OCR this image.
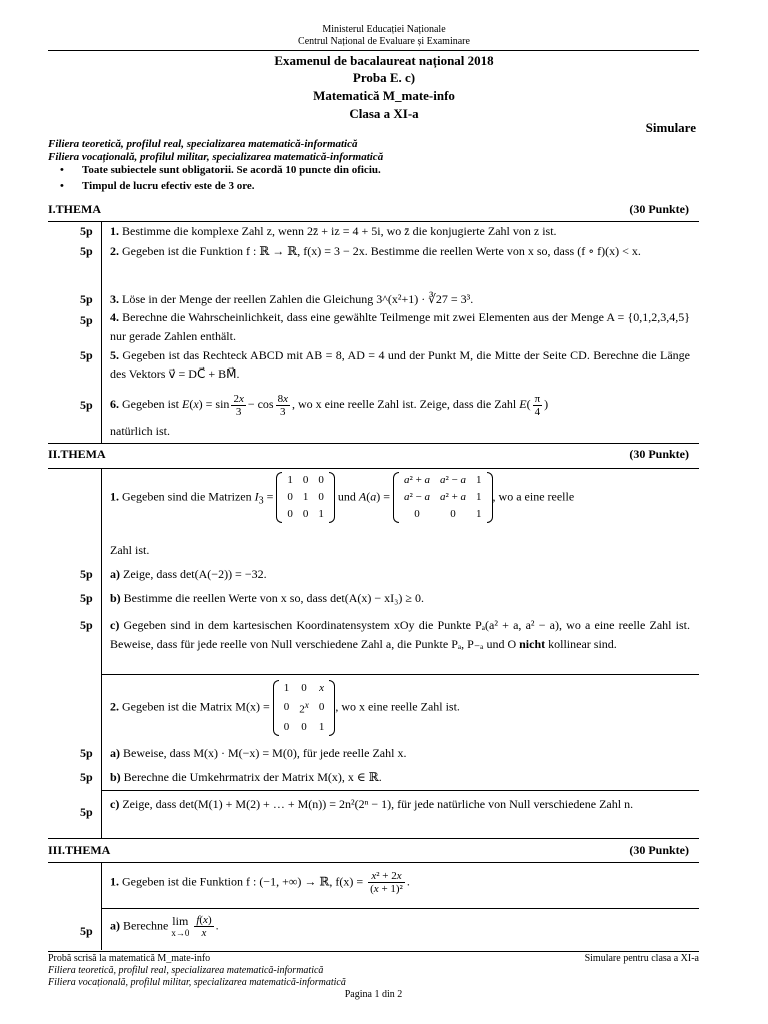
Ministerul Educației Naționale
Centrul Național de Evaluare și Examinare
Examenul de bacalaureat național 2018
Proba E. c)
Matematică M_mate-info
Clasa a XI-a
Simulare
Filiera teoretică, profilul real, specializarea matematică-informatică
Filiera vocațională, profilul militar, specializarea matematică-informatică
• Toate subiectele sunt obligatorii. Se acordă 10 puncte din oficiu.
• Timpul de lucru efectiv este de 3 ore.
I.THEMA	(30 Punkte)
5p 1. Bestimme die komplexe Zahl z, wenn 2z̄ + iz = 4 + 5i, wo z̄ die konjugierte Zahl von z ist.
5p 2. Gegeben ist die Funktion f : ℝ → ℝ, f(x) = 3 − 2x. Bestimme die reellen Werte von x so, dass (f ∘ f)(x) < x.
5p 3. Löse in der Menge der reellen Zahlen die Gleichung 3^(x²+1) · ∛27 = 3³.
5p 4. Berechne die Wahrscheinlichkeit, dass eine gewählte Teilmenge mit zwei Elementen aus der Menge A = {0,1,2,3,4,5} nur gerade Zahlen enthält.
5p 5. Gegeben ist das Rechteck ABCD mit AB = 8, AD = 4 und der Punkt M, die Mitte der Seite CD. Berechne die Länge des Vektors v⃗ = DC⃗ + BM⃗.
5p 6. Gegeben ist $E(x) = \sin \frac{2x}{3} - \cos \frac{8x}{3}$ , wo x eine reelle Zahl ist. Zeige, dass die Zahl $E( \frac{\pi}{4}$ )
natürlich ist.
II.THEMA	(30 Punkte)
1. Gegeben sind die Matrizen $I_3$ =
1	0	0
0	1	0
0	0	1
und A(a) =
a² + a	a² − a	1
a² − a	a² + a	1
0	0	1
, wo a eine reelle
Zahl ist.
5p a) Zeige, dass det(A(−2)) = −32.
5p b) Bestimme die reellen Werte von x so, dass det(A(x) − xI₃) ≥ 0.
5p c) Gegeben sind in dem kartesischen Koordinatensystem xOy die Punkte Pₐ(a² + a, a² − a), wo a eine reelle Zahl ist. Beweise, dass für jede reelle von Null verschiedene Zahl a, die Punkte Pₐ, P₋ₐ und O nicht kollinear sind.
2. Gegeben ist die Matrix M(x) =
1	0	x
0	2$^x$	0
0	0	1
, wo x eine reelle Zahl ist.
5p a) Beweise, dass M(x) · M(−x) = M(0), für jede reelle Zahl x.
5p b) Berechne die Umkehrmatrix der Matrix M(x), x ∈ ℝ.
5p
c) Zeige, dass det(M(1) + M(2) + … + M(n)) = 2n²(2ⁿ − 1), für jede natürliche von Null verschiedene Zahl n.
III.THEMA	(30 Punkte)
1. Gegeben ist die Funktion f : (−1, +∞) → ℝ, $f(x) = \frac{\text{x² + 2x}}{\text{(x + 1)²}}$ .
5p a) Berechne lim
x→0
$\frac{f(x)}{x}$ .
Probă scrisă la matematică M_mate-info	Simulare pentru clasa a XI-a
Filiera teoretică, profilul real, specializarea matematică-informatică
Filiera vocațională, profilul militar, specializarea matematică-informatică
Pagina 1 din 2
